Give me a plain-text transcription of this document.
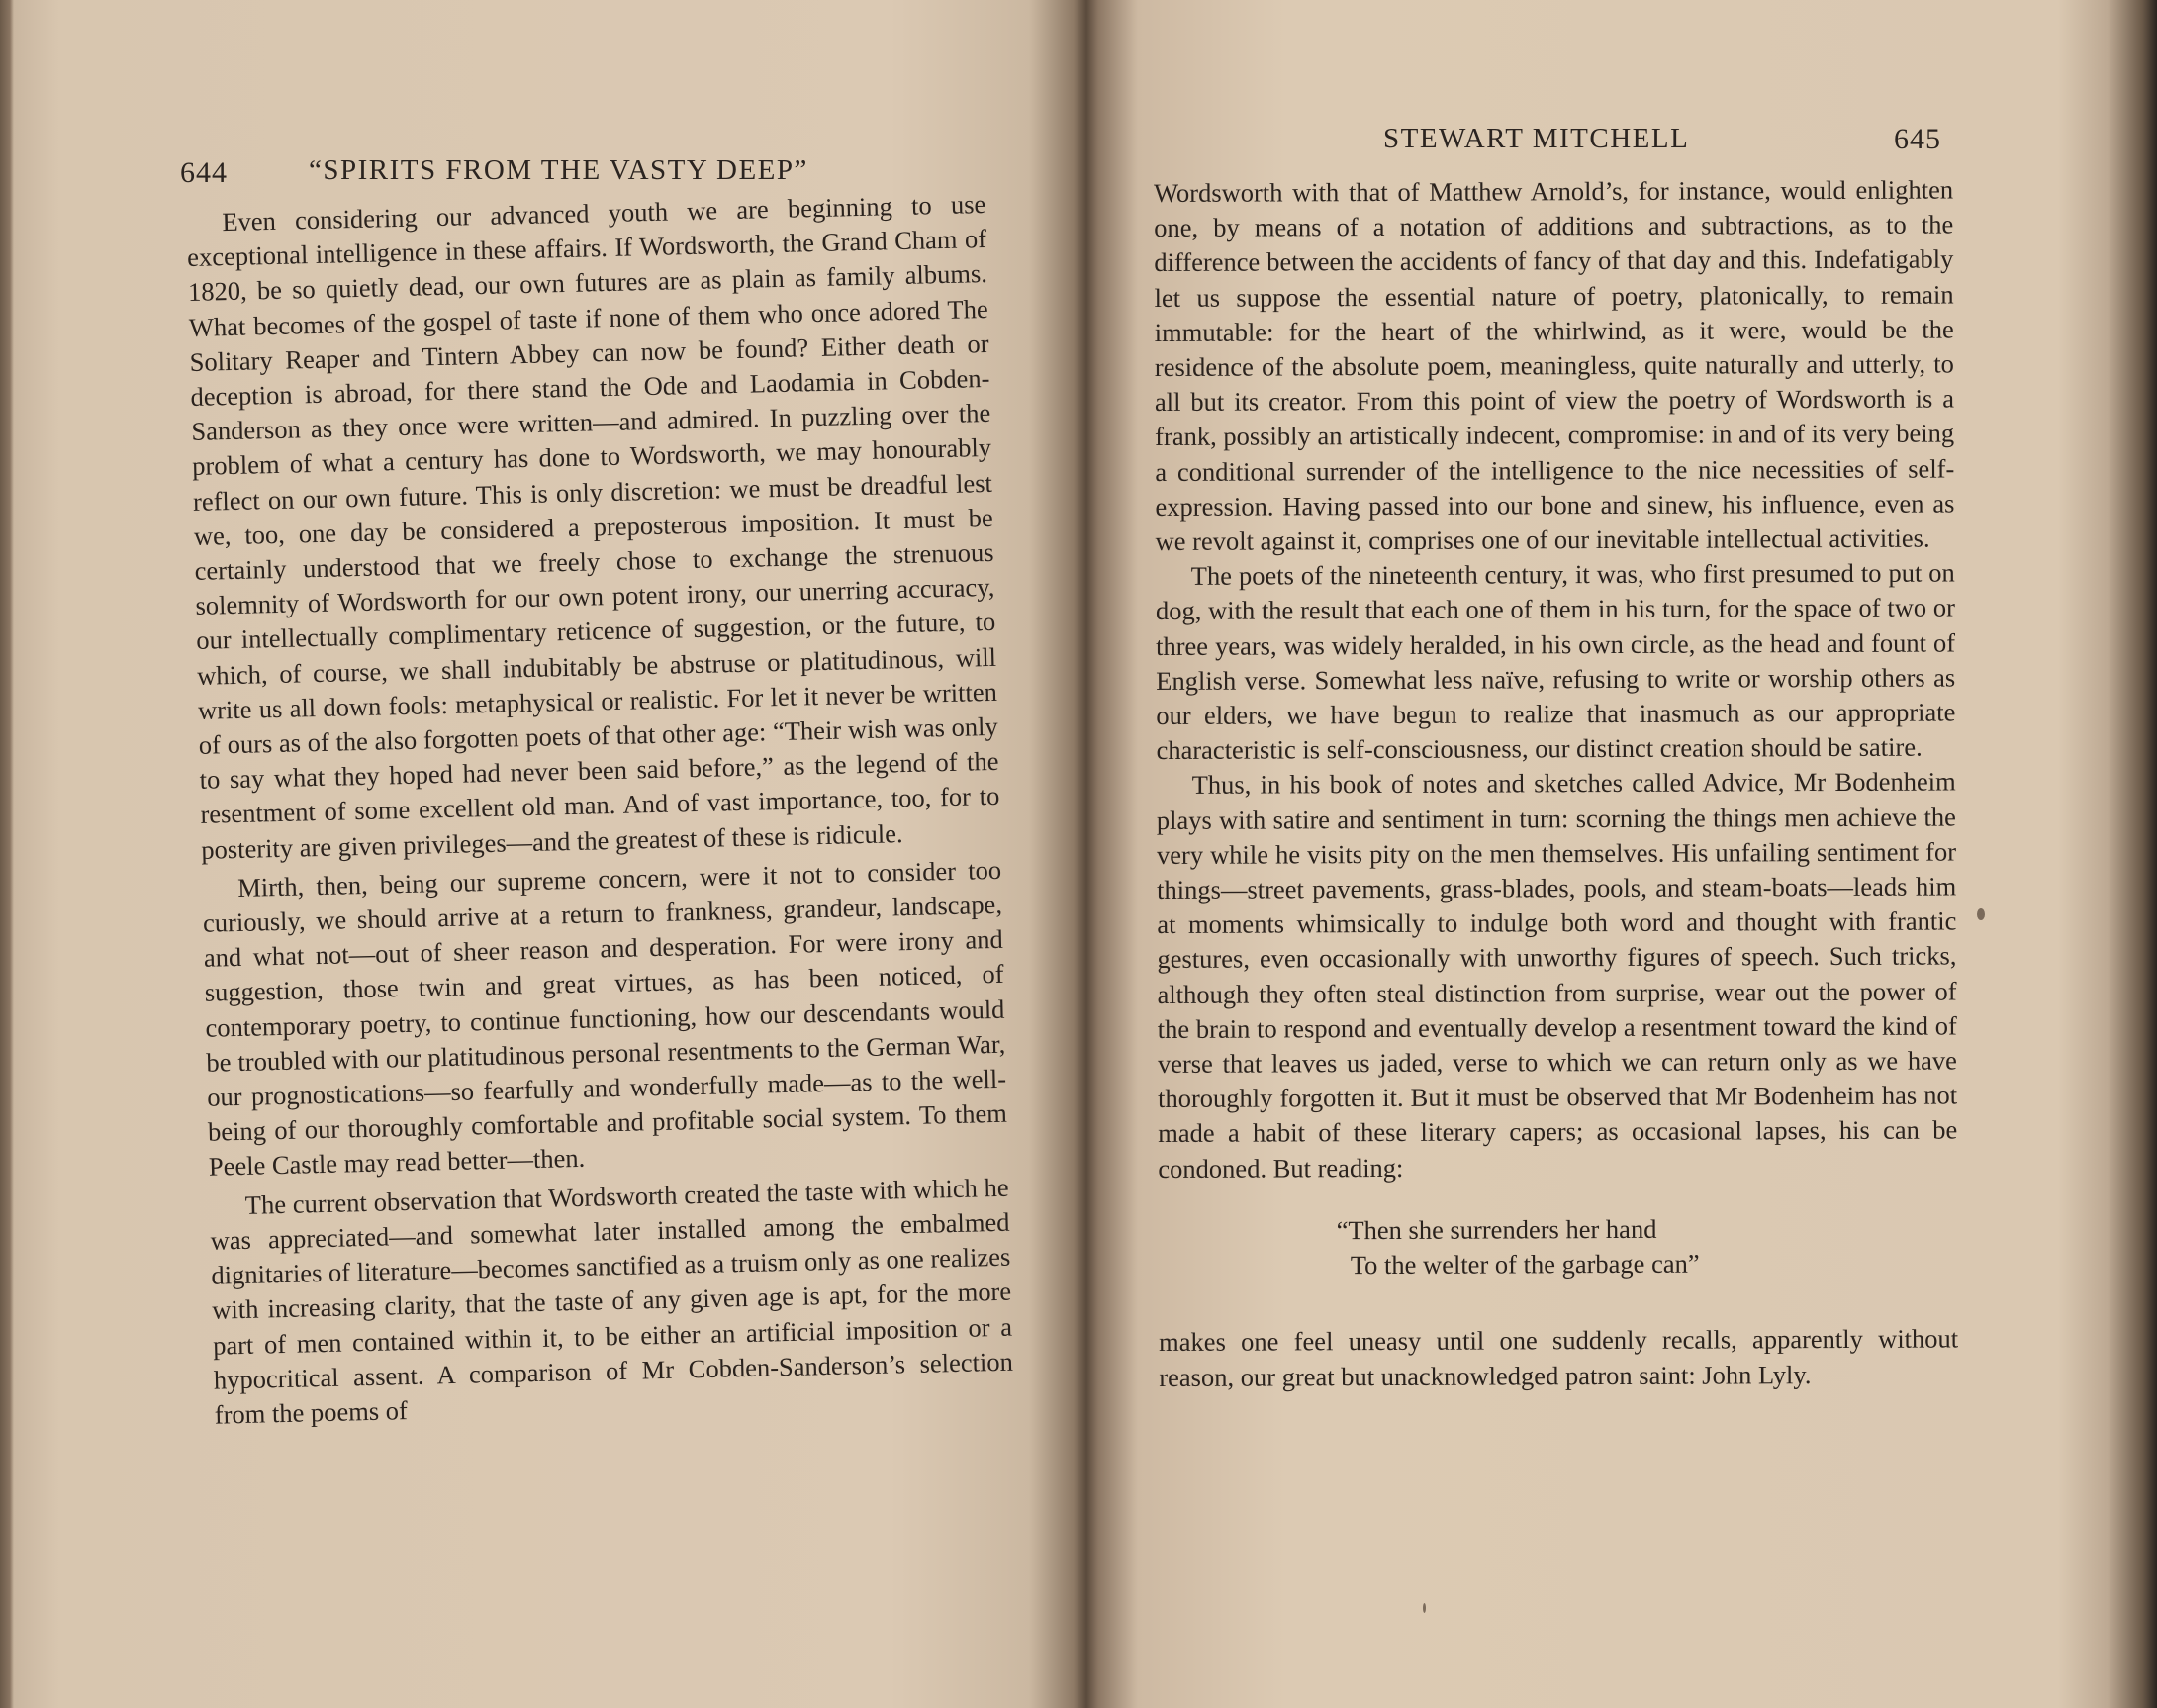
644	“SPIRITS FROM THE VASTY DEEP”

Even considering our advanced youth we are beginning to use exceptional intelligence in these affairs. If Wordsworth, the Grand Cham of 1820, be so quietly dead, our own futures are as plain as family albums. What becomes of the gospel of taste if none of them who once adored The Solitary Reaper and Tintern Abbey can now be found? Either death or deception is abroad, for there stand the Ode and Laodamia in Cobden-Sanderson as they once were written—and admired. In puzzling over the problem of what a century has done to Wordsworth, we may honourably reflect on our own future. This is only discretion: we must be dreadful lest we, too, one day be considered a preposterous imposition. It must be certainly understood that we freely chose to exchange the strenuous solemnity of Wordsworth for our own potent irony, our unerring accuracy, our intellectually complimentary reticence of suggestion, or the future, to which, of course, we shall indubitably be abstruse or platitudinous, will write us all down fools: metaphysical or realistic. For let it never be written of ours as of the also forgotten poets of that other age: “Their wish was only to say what they hoped had never been said before,” as the legend of the resentment of some excellent old man. And of vast importance, too, for to posterity are given privileges—and the greatest of these is ridicule.

Mirth, then, being our supreme concern, were it not to consider too curiously, we should arrive at a return to frankness, grandeur, landscape, and what not—out of sheer reason and desperation. For were irony and suggestion, those twin and great virtues, as has been noticed, of contemporary poetry, to continue functioning, how our descendants would be troubled with our platitudinous personal resentments to the German War, our prognostications—so fearfully and wonderfully made—as to the well-being of our thoroughly comfortable and profitable social system. To them Peele Castle may read better—then.

The current observation that Wordsworth created the taste with which he was appreciated—and somewhat later installed among the embalmed dignitaries of literature—becomes sanctified as a truism only as one realizes with increasing clarity, that the taste of any given age is apt, for the more part of men contained within it, to be either an artificial imposition or a hypocritical assent. A comparison of Mr Cobden-Sanderson’s selection from the poems of

STEWART MITCHELL	645

Wordsworth with that of Matthew Arnold’s, for instance, would enlighten one, by means of a notation of additions and subtractions, as to the difference between the accidents of fancy of that day and this. Indefatigably let us suppose the essential nature of poetry, platonically, to remain immutable: for the heart of the whirlwind, as it were, would be the residence of the absolute poem, meaningless, quite naturally and utterly, to all but its creator. From this point of view the poetry of Wordsworth is a frank, possibly an artistically indecent, compromise: in and of its very being a conditional surrender of the intelligence to the nice necessities of self-expression. Having passed into our bone and sinew, his influence, even as we revolt against it, comprises one of our inevitable intellectual activities.

The poets of the nineteenth century, it was, who first presumed to put on dog, with the result that each one of them in his turn, for the space of two or three years, was widely heralded, in his own circle, as the head and fount of English verse. Somewhat less naïve, refusing to write or worship others as our elders, we have begun to realize that inasmuch as our appropriate characteristic is self-consciousness, our distinct creation should be satire.

Thus, in his book of notes and sketches called Advice, Mr Bodenheim plays with satire and sentiment in turn: scorning the things men achieve the very while he visits pity on the men themselves. His unfailing sentiment for things—street pavements, grass-blades, pools, and steam-boats—leads him at moments whimsically to indulge both word and thought with frantic gestures, even occasionally with unworthy figures of speech. Such tricks, although they often steal distinction from surprise, wear out the power of the brain to respond and eventually develop a resentment toward the kind of verse that leaves us jaded, verse to which we can return only as we have thoroughly forgotten it. But it must be observed that Mr Bodenheim has not made a habit of these literary capers; as occasional lapses, his can be condoned. But reading:

“Then she surrenders her hand
To the welter of the garbage can”

makes one feel uneasy until one suddenly recalls, apparently without reason, our great but unacknowledged patron saint: John Lyly.
